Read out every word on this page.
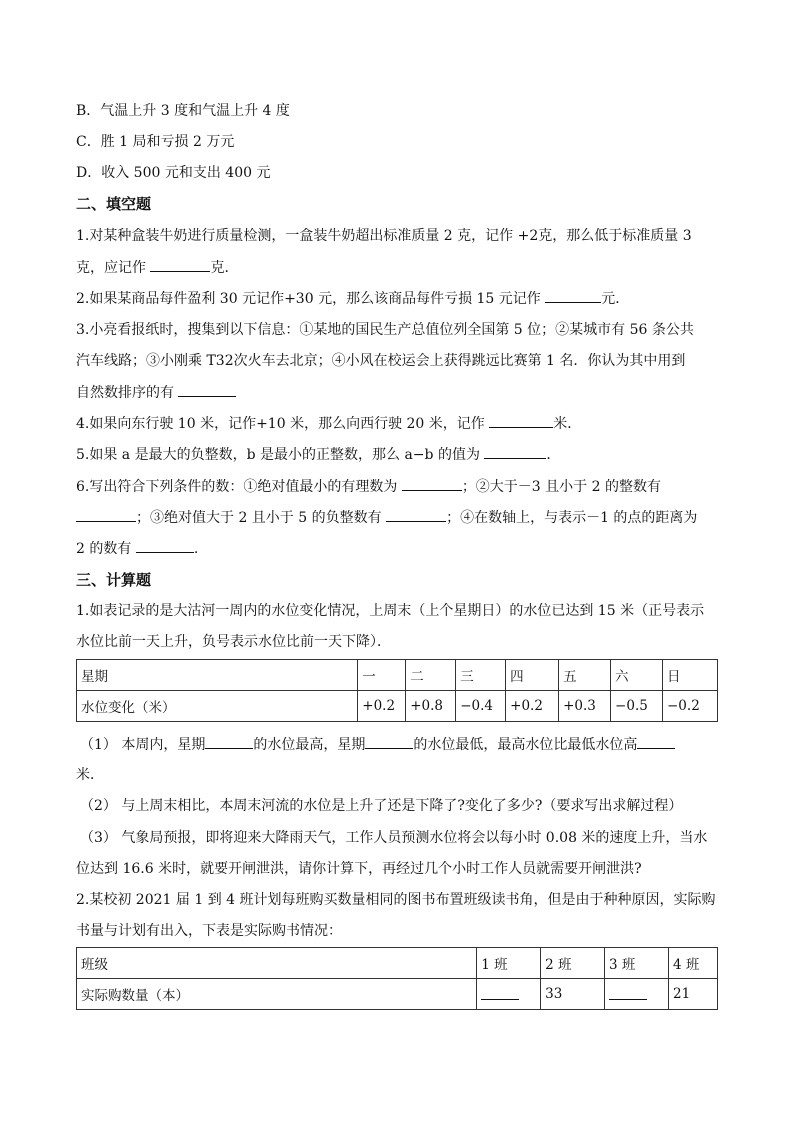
B．气温上升 3 度和气温上升 4 度
C．胜 1 局和亏损 2 万元
D．收入 500 元和支出 400 元
二、填空题
1.对某种盒装牛奶进行质量检测，一盒装牛奶超出标准质量 2 克，记作 +2克，那么低于标准质量 3
克，应记作	克．
2.如果某商品每件盈利 30 元记作+30 元，那么该商品每件亏损 15 元记作	元．
3.小亮看报纸时，搜集到以下信息：①某地的国民生产总值位列全国第 5 位；②某城市有 56 条公共
汽车线路；③小刚乘 T32次火车去北京；④小风在校运会上获得跳远比赛第 1 名．你认为其中用到
自然数排序的有
4.如果向东行驶 10 米，记作+10 米，那么向西行驶 20 米，记作	米．
5.如果 a 是最大的负整数，b 是最小的正整数，那么 a−b 的值为	．
6.写出符合下列条件的数：①绝对值最小的有理数为	；②大于－3 且小于 2 的整数有
；③绝对值大于 2 且小于 5 的负整数有	；④在数轴上，与表示－1 的点的距离为
2 的数有	.
三、计算题
1.如表记录的是大沽河一周内的水位变化情况，上周末（上个星期日）的水位已达到 15 米（正号表示
水位比前一天上升，负号表示水位比前一天下降）．
星期	一	二	三	四	五	六	日
水位变化（米）	+0.2	+0.8	−0.4	+0.2	+0.3	−0.5	−0.2
（1） 本周内，星期	的水位最高，星期	的水位最低，最高水位比最低水位高
米．
（2） 与上周末相比，本周末河流的水位是上升了还是下降了?变化了多少?（要求写出求解过程）
（3） 气象局预报，即将迎来大降雨天气，工作人员预测水位将会以每小时 0.08 米的速度上升，当水
位达到 16.6 米时，就要开闸泄洪，请你计算下，再经过几个小时工作人员就需要开闸泄洪?
2.某校初 2021 届 1 到 4 班计划每班购买数量相同的图书布置班级读书角，但是由于种种原因，实际购
书量与计划有出入，下表是实际购书情况：
班级	1 班	2 班	3 班	4 班
实际购数量（本）		33		21
